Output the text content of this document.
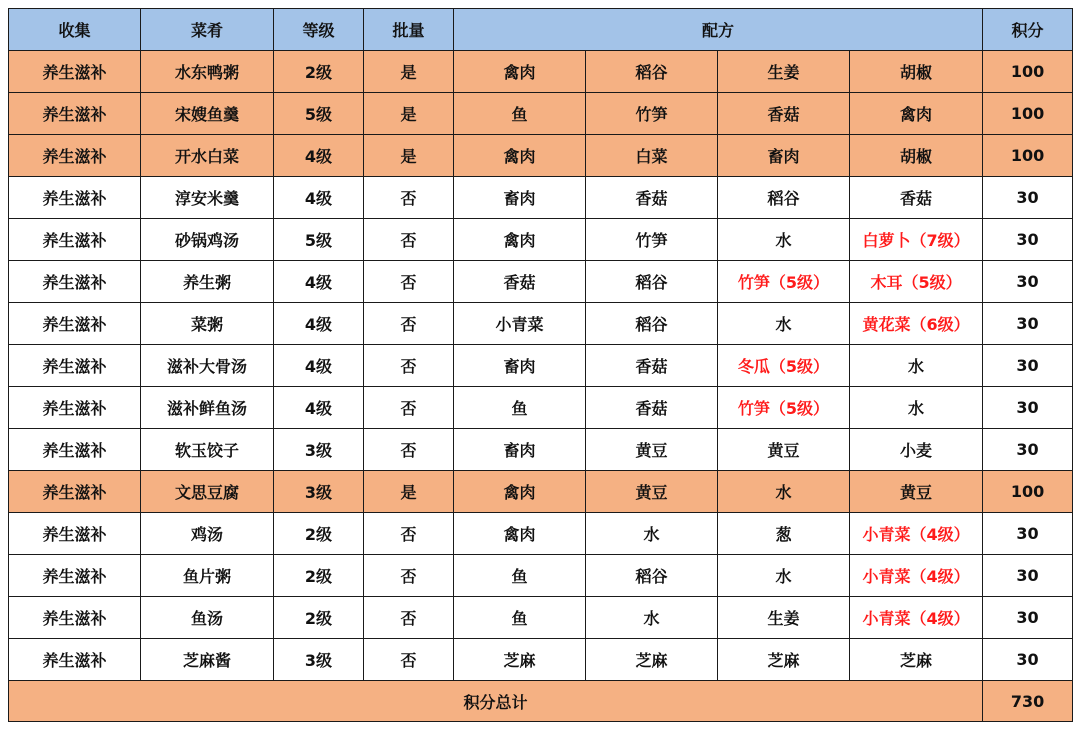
收集	菜肴	等级	批量	配方				积分
养生滋补	水东鸭粥	2级	是	禽肉	稻谷	生姜	胡椒	100
养生滋补	宋嫂鱼羹	5级	是	鱼	竹笋	香菇	禽肉	100
养生滋补	开水白菜	4级	是	禽肉	白菜	畜肉	胡椒	100
养生滋补	淳安米羹	4级	否	畜肉	香菇	稻谷	香菇	30
养生滋补	砂锅鸡汤	5级	否	禽肉	竹笋	水	白萝卜（7级）	30
养生滋补	养生粥	4级	否	香菇	稻谷	竹笋（5级）	木耳（5级）	30
养生滋补	菜粥	4级	否	小青菜	稻谷	水	黄花菜（6级）	30
养生滋补	滋补大骨汤	4级	否	畜肉	香菇	冬瓜（5级）	水	30
养生滋补	滋补鲜鱼汤	4级	否	鱼	香菇	竹笋（5级）	水	30
养生滋补	软玉饺子	3级	否	畜肉	黄豆	黄豆	小麦	30
养生滋补	文思豆腐	3级	是	禽肉	黄豆	水	黄豆	100
养生滋补	鸡汤	2级	否	禽肉	水	葱	小青菜（4级）	30
养生滋补	鱼片粥	2级	否	鱼	稻谷	水	小青菜（4级）	30
养生滋补	鱼汤	2级	否	鱼	水	生姜	小青菜（4级）	30
养生滋补	芝麻酱	3级	否	芝麻	芝麻	芝麻	芝麻	30
积分总计								730
